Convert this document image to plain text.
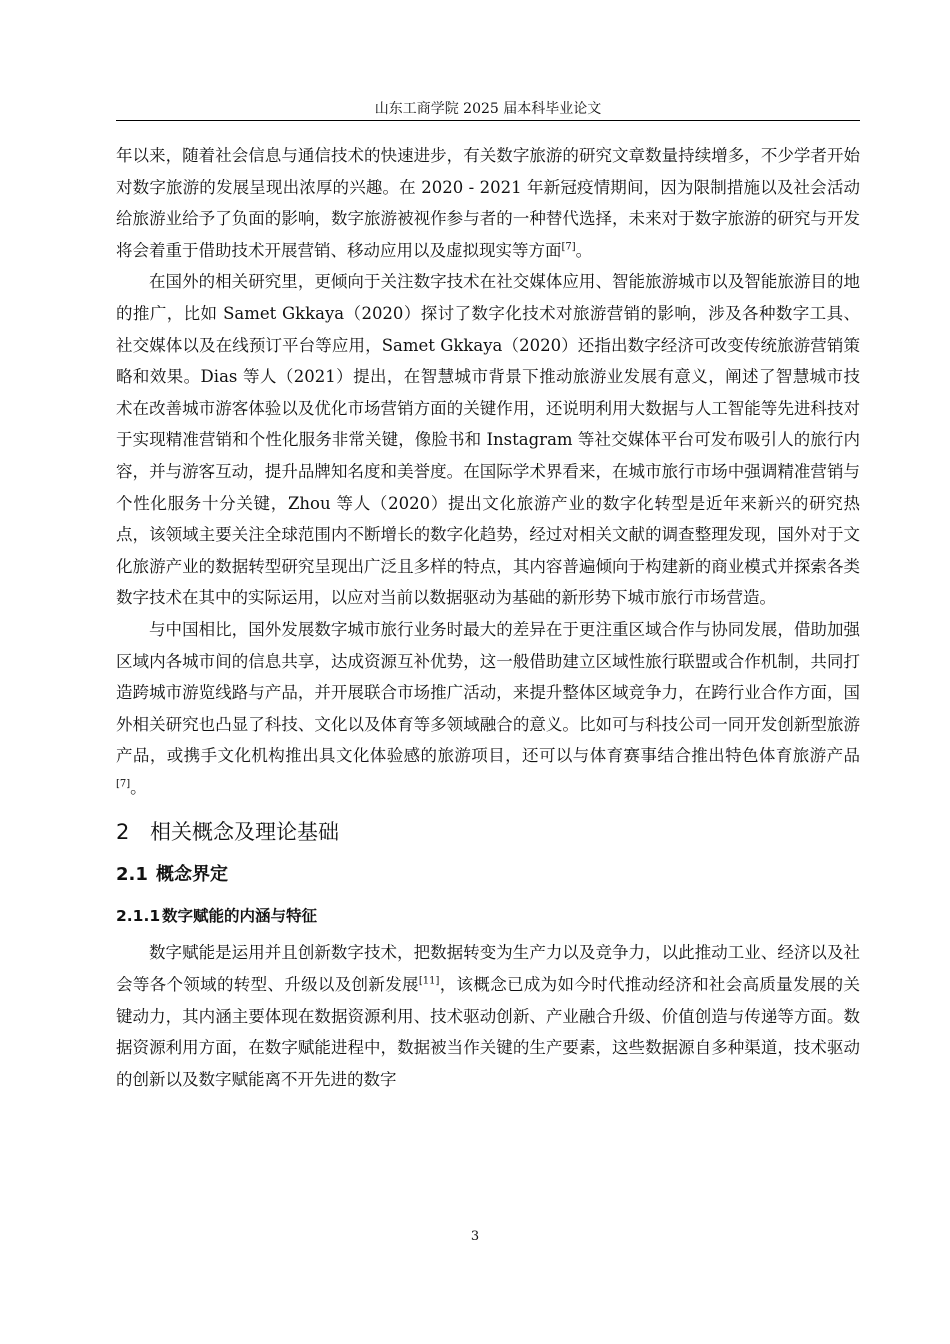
山东工商学院 2025 届本科毕业论文

年以来，随着社会信息与通信技术的快速进步，有关数字旅游的研究文章数量持续增多，不少学者开始对数字旅游的发展呈现出浓厚的兴趣。在 2020 - 2021 年新冠疫情期间，因为限制措施以及社会活动给旅游业给予了负面的影响，数字旅游被视作参与者的一种替代选择，未来对于数字旅游的研究与开发将会着重于借助技术开展营销、移动应用以及虚拟现实等方面[7]。

在国外的相关研究里，更倾向于关注数字技术在社交媒体应用、智能旅游城市以及智能旅游目的地的推广，比如 Samet Gkkaya（2020）探讨了数字化技术对旅游营销的影响，涉及各种数字工具、社交媒体以及在线预订平台等应用，Samet Gkkaya（2020）还指出数字经济可改变传统旅游营销策略和效果。Dias 等人（2021）提出，在智慧城市背景下推动旅游业发展有意义，阐述了智慧城市技术在改善城市游客体验以及优化市场营销方面的关键作用，还说明利用大数据与人工智能等先进科技对于实现精准营销和个性化服务非常关键，像脸书和 Instagram 等社交媒体平台可发布吸引人的旅行内容，并与游客互动，提升品牌知名度和美誉度。在国际学术界看来，在城市旅行市场中强调精准营销与个性化服务十分关键，Zhou 等人（2020）提出文化旅游产业的数字化转型是近年来新兴的研究热点，该领域主要关注全球范围内不断增长的数字化趋势，经过对相关文献的调查整理发现，国外对于文化旅游产业的数据转型研究呈现出广泛且多样的特点，其内容普遍倾向于构建新的商业模式并探索各类数字技术在其中的实际运用，以应对当前以数据驱动为基础的新形势下城市旅行市场营造。

与中国相比，国外发展数字城市旅行业务时最大的差异在于更注重区域合作与协同发展，借助加强区域内各城市间的信息共享，达成资源互补优势，这一般借助建立区域性旅行联盟或合作机制，共同打造跨城市游览线路与产品，并开展联合市场推广活动，来提升整体区域竞争力，在跨行业合作方面，国外相关研究也凸显了科技、文化以及体育等多领域融合的意义。比如可与科技公司一同开发创新型旅游产品，或携手文化机构推出具文化体验感的旅游项目，还可以与体育赛事结合推出特色体育旅游产品[7]。

2 相关概念及理论基础
2.1 概念界定
2.1.1 数字赋能的内涵与特征

数字赋能是运用并且创新数字技术，把数据转变为生产力以及竞争力，以此推动工业、经济以及社会等各个领域的转型、升级以及创新发展[11]，该概念已成为如今时代推动经济和社会高质量发展的关键动力，其内涵主要体现在数据资源利用、技术驱动创新、产业融合升级、价值创造与传递等方面。数据资源利用方面，在数字赋能进程中，数据被当作关键的生产要素，这些数据源自多种渠道，技术驱动的创新以及数字赋能离不开先进的数字

3
